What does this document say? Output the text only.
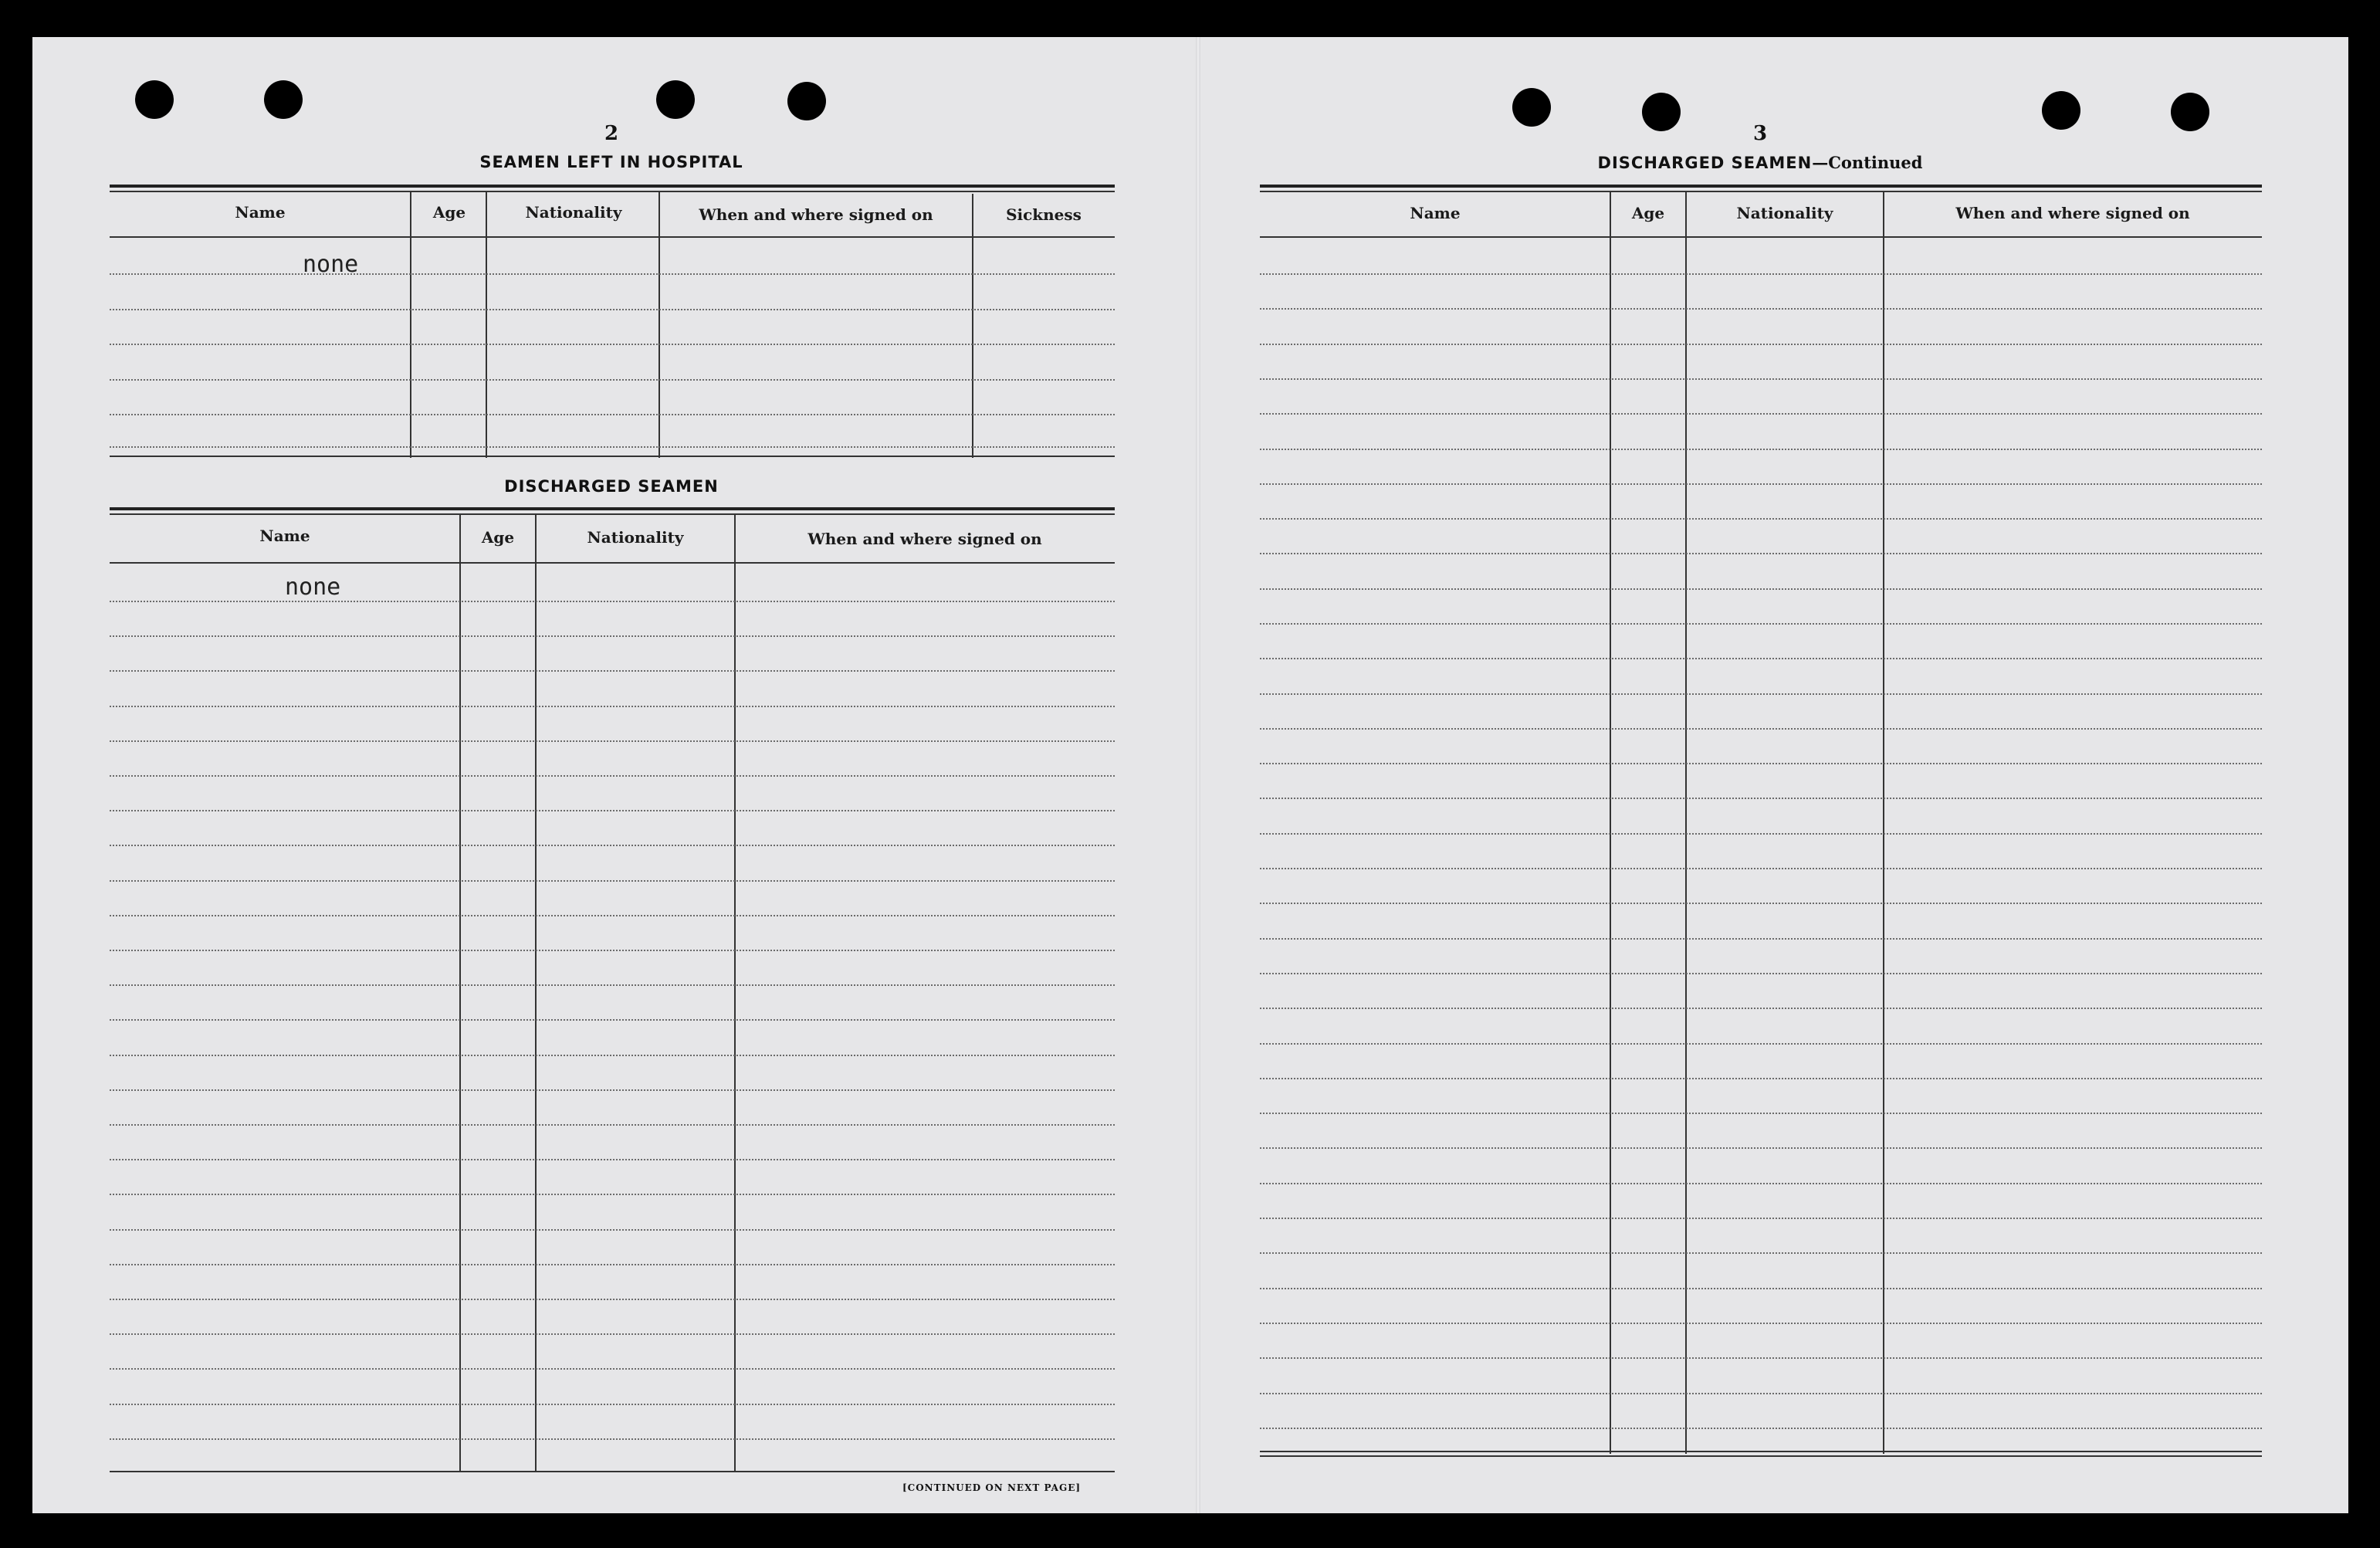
2
SEAMEN LEFT IN HOSPITAL
Name	Age	Nationality	When and where signed on	Sickness
none
DISCHARGED SEAMEN
Name	Age	Nationality	When and where signed on
none
[CONTINUED ON NEXT PAGE]
3
DISCHARGED SEAMEN—Continued
Name	Age	Nationality	When and where signed on
